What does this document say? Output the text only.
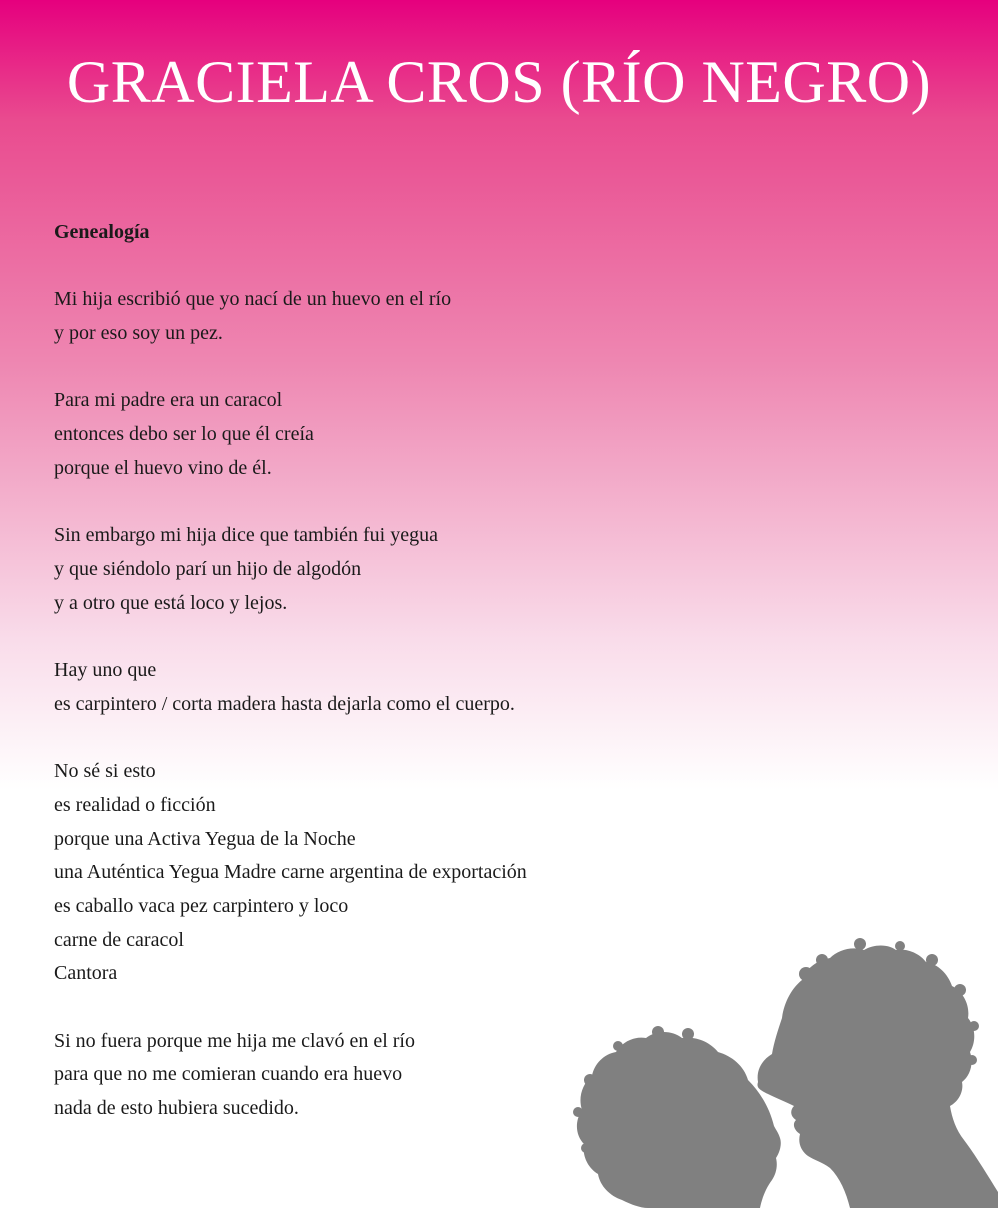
GRACIELA CROS (RÍO NEGRO)
Genealogía
Mi hija escribió que yo nací de un huevo en el río
y por eso soy un pez.
Para mi padre era un caracol
entonces debo ser lo que él creía
porque el huevo vino de él.
Sin embargo mi hija dice que también fui yegua
y que siéndolo parí un hijo de algodón
y a otro que está loco y lejos.
Hay uno que
es carpintero / corta madera hasta dejarla como el cuerpo.
No sé si esto
es realidad o ficción
porque una Activa Yegua de la Noche
una Auténtica Yegua Madre carne argentina de exportación
es caballo vaca pez carpintero y loco
carne de caracol
Cantora
Si no fuera porque me hija me clavó en el río
para que no me comieran cuando era huevo
nada de esto hubiera sucedido.
